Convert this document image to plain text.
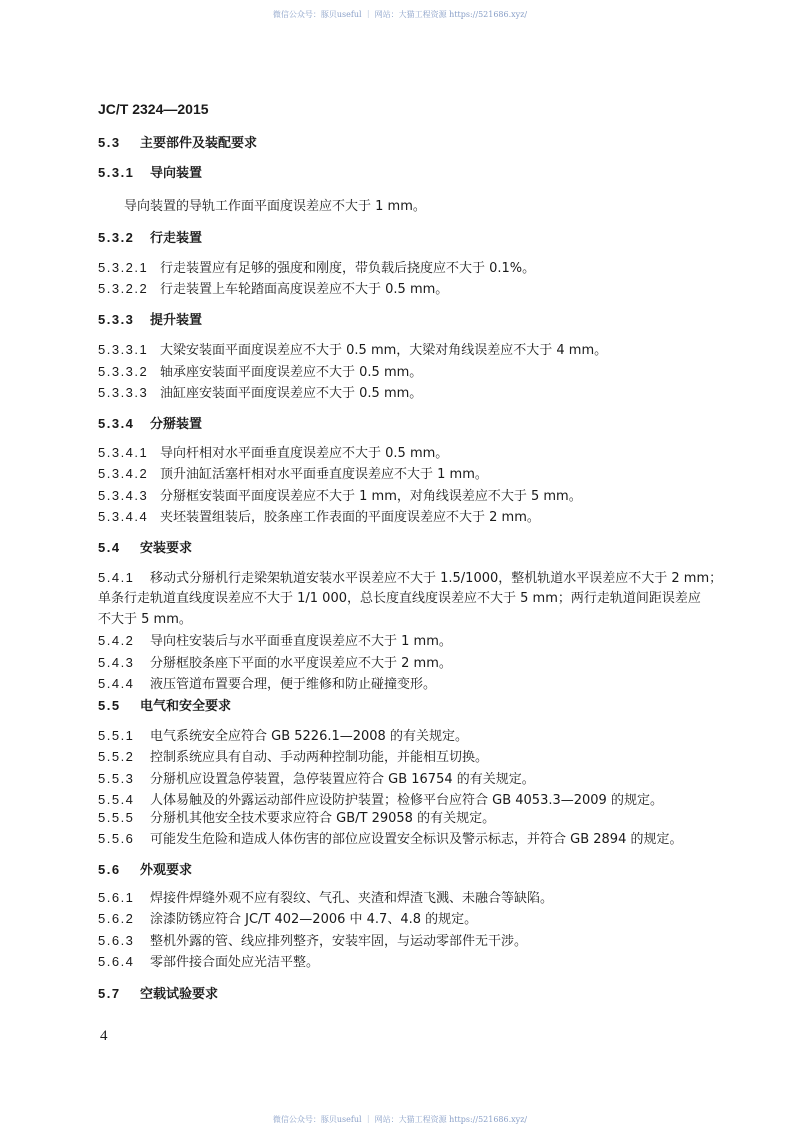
微信公众号：豚贝useful ｜ 网站：大猫工程资源 https://521686.xyz/
JC/T 2324—2015
5.3 主要部件及装配要求
5.3.1 导向装置
导向装置的导轨工作面平面度误差应不大于 1 mm。
5.3.2 行走装置
5.3.2.1 行走装置应有足够的强度和刚度，带负载后挠度应不大于 0.1%。
5.3.2.2 行走装置上车轮踏面高度误差应不大于 0.5 mm。
5.3.3 提升装置
5.3.3.1 大梁安装面平面度误差应不大于 0.5 mm，大梁对角线误差应不大于 4 mm。
5.3.3.2 轴承座安装面平面度误差应不大于 0.5 mm。
5.3.3.3 油缸座安装面平面度误差应不大于 0.5 mm。
5.3.4 分掰装置
5.3.4.1 导向杆相对水平面垂直度误差应不大于 0.5 mm。
5.3.4.2 顶升油缸活塞杆相对水平面垂直度误差应不大于 1 mm。
5.3.4.3 分掰框安装面平面度误差应不大于 1 mm，对角线误差应不大于 5 mm。
5.3.4.4 夹坯装置组装后，胶条座工作表面的平面度误差应不大于 2 mm。
5.4 安装要求
5.4.1 移动式分掰机行走梁架轨道安装水平误差应不大于 1.5/1000，整机轨道水平误差应不大于 2 mm；
单条行走轨道直线度误差应不大于 1/1 000，总长度直线度误差应不大于 5 mm；两行走轨道间距误差应
不大于 5 mm。
5.4.2 导向柱安装后与水平面垂直度误差应不大于 1 mm。
5.4.3 分掰框胶条座下平面的水平度误差应不大于 2 mm。
5.4.4 液压管道布置要合理，便于维修和防止碰撞变形。
5.5 电气和安全要求
5.5.1 电气系统安全应符合 GB 5226.1—2008 的有关规定。
5.5.2 控制系统应具有自动、手动两种控制功能，并能相互切换。
5.5.3 分掰机应设置急停装置，急停装置应符合 GB 16754 的有关规定。
5.5.4 人体易触及的外露运动部件应设防护装置；检修平台应符合 GB 4053.3—2009 的规定。
5.5.5 分掰机其他安全技术要求应符合 GB/T 29058 的有关规定。
5.5.6 可能发生危险和造成人体伤害的部位应设置安全标识及警示标志，并符合 GB 2894 的规定。
5.6 外观要求
5.6.1 焊接件焊缝外观不应有裂纹、气孔、夹渣和焊渣飞溅、未融合等缺陷。
5.6.2 涂漆防锈应符合 JC/T 402—2006 中 4.7、4.8 的规定。
5.6.3 整机外露的管、线应排列整齐，安装牢固，与运动零部件无干涉。
5.6.4 零部件接合面处应光洁平整。
5.7 空载试验要求
4
微信公众号：豚贝useful ｜ 网站：大猫工程资源 https://521686.xyz/
